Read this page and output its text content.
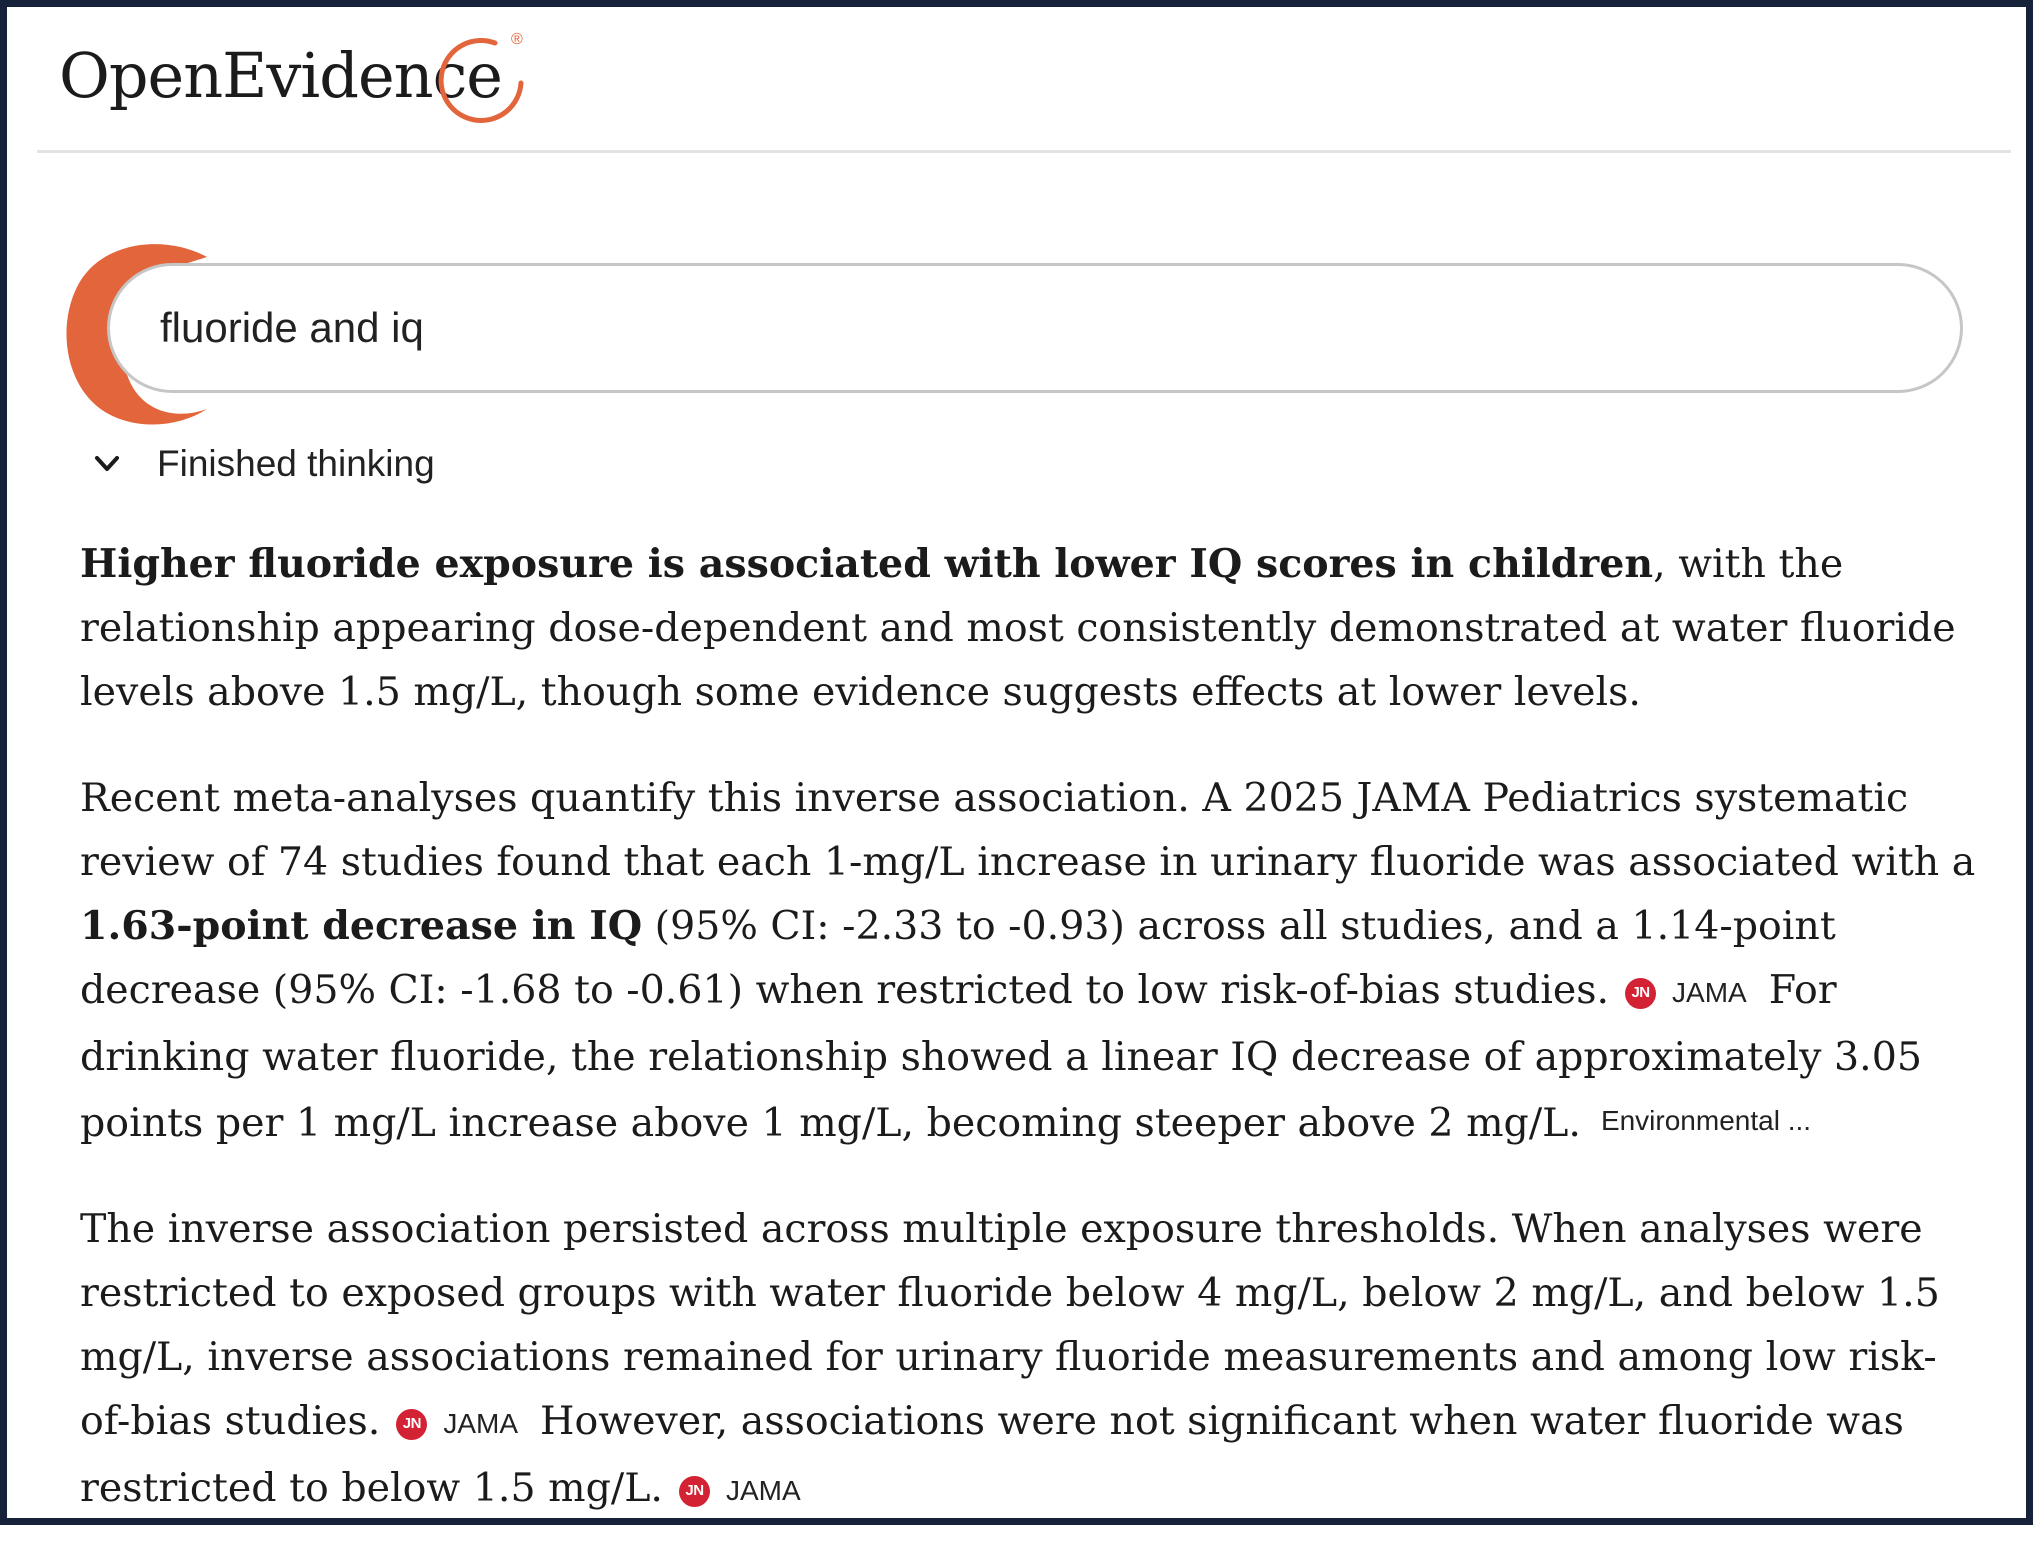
OpenEvidence ®
fluoride and iq
Finished thinking

Higher fluoride exposure is associated with lower IQ scores in children, with the relationship appearing dose-dependent and most consistently demonstrated at water fluoride levels above 1.5 mg/L, though some evidence suggests effects at lower levels.

Recent meta-analyses quantify this inverse association. A 2025 JAMA Pediatrics systematic review of 74 studies found that each 1-mg/L increase in urinary fluoride was associated with a 1.63-point decrease in IQ (95% CI: -2.33 to -0.93) across all studies, and a 1.14-point decrease (95% CI: -1.68 to -0.61) when restricted to low risk-of-bias studies.	JN JAMA For drinking water fluoride, the relationship showed a linear IQ decrease of approximately 3.05 points per 1 mg/L increase above 1 mg/L, becoming steeper above 2 mg/L. Environmental ...

The inverse association persisted across multiple exposure thresholds. When analyses were restricted to exposed groups with water fluoride below 4 mg/L, below 2 mg/L, and below 1.5 mg/L, inverse associations remained for urinary fluoride measurements and among low risk-of-bias studies.	JN JAMA However, associations were not significant when water fluoride was restricted to below 1.5 mg/L.	JN JAMA
